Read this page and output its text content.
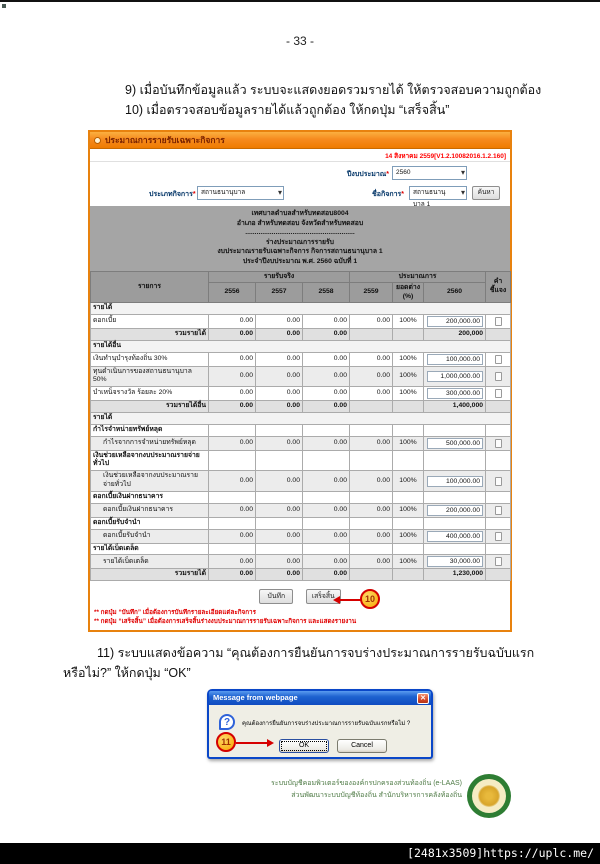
- 33 -
9) เมื่อบันทึกข้อมูลแล้ว ระบบจะแสดงยอดรวมรายได้ ให้ตรวจสอบความถูกต้อง
10) เมื่อตรวจสอบข้อมูลรายได้แล้วถูกต้อง ให้กดปุ่ม “เสร็จสิ้น”
ประมาณการรายรับเฉพาะกิจการ
14 สิงหาคม 2559[V1.2.10082016.1.2.160]
ปีงบประมาณ*	2560	▾
ประเภทกิจการ* สถานธนานุบาล	▾	ชื่อกิจการ*	สถานธนานุบาล 1
▾	ค้นหา
เทศบาลตำบลสำหรับทดสอบ8004
อำเภอ สำหรับทดสอบ จังหวัดสำหรับทดสอบ
..........................................................
ร่างประมาณการรายรับ
งบประมาณรายรับเฉพาะกิจการ กิจการสถานธนานุบาล 1
ประจำปีงบประมาณ พ.ศ. 2560 ฉบับที่ 1
รายการ	รายรับจริง			ประมาณการ			คำชี้แจง
	2556	2557	2558	2559	ยอดต่าง (%)	2560	
รายได้							
ดอกเบี้ย	0.00	0.00	0.00	0.00	100%	200,000.00	

รวมรายได้	0.00	0.00	0.00			200,000	
รายได้อื่น							
เงินทำนุบำรุงท้องถิ่น 30%	0.00	0.00	0.00	0.00	100%	100,000.00	

ทุนดำเนินการของสถานธนานุบาล 50%	0.00	0.00	0.00	0.00	100%	1,000,000.00	

บำเหน็จรางวัล ร้อยละ 20%	0.00	0.00	0.00	0.00	100%	300,000.00	

รวมรายได้อื่น	0.00	0.00	0.00			1,400,000	
รายได้							
กำไรจำหน่ายทรัพย์หลุด							
กำไรจากการจำหน่ายทรัพย์หลุด	0.00	0.00	0.00	0.00	100%	500,000.00	

เงินช่วยเหลือจากงบประมาณรายจ่ายทั่วไป							
เงินช่วยเหลือจากงบประมาณรายจ่ายทั่วไป	0.00	0.00	0.00	0.00	100%	100,000.00	

ดอกเบี้ยเงินฝากธนาคาร							
ดอกเบี้ยเงินฝากธนาคาร	0.00	0.00	0.00	0.00	100%	200,000.00	

ดอกเบี้ยรับจำนำ							
ดอกเบี้ยรับจำนำ	0.00	0.00	0.00	0.00	100%	400,000.00	

รายได้เบ็ดเตล็ด							
รายได้เบ็ดเตล็ด	0.00	0.00	0.00	0.00	100%	30,000.00	

รวมรายได้	0.00	0.00	0.00			1,230,000	
บันทึก	เสร็จสิ้น
** กดปุ่ม “บันทึก” เมื่อต้องการบันทึกรายละเอียดแต่ละกิจการ
** กดปุ่ม “เสร็จสิ้น” เมื่อต้องการเสร็จสิ้นร่างงบประมาณการรายรับเฉพาะกิจการ และแสดงรายงาน
10
11) ระบบแสดงข้อความ “คุณต้องการยืนยันการจบร่างประมาณการรายรับฉบับแรก
หรือไม่?” ให้กดปุ่ม “OK”
Message from webpage	✕
?	คุณต้องการยืนยันการจบร่างประมาณการรายรับฉบับแรกหรือไม่ ?
OK	Cancel
11
ระบบบัญชีคอมพิวเตอร์ขององค์กรปกครองส่วนท้องถิ่น (e-LAAS)
ส่วนพัฒนาระบบบัญชีท้องถิ่น สำนักบริหารการคลังท้องถิ่น
[2481x3509]https://uplc.me/
